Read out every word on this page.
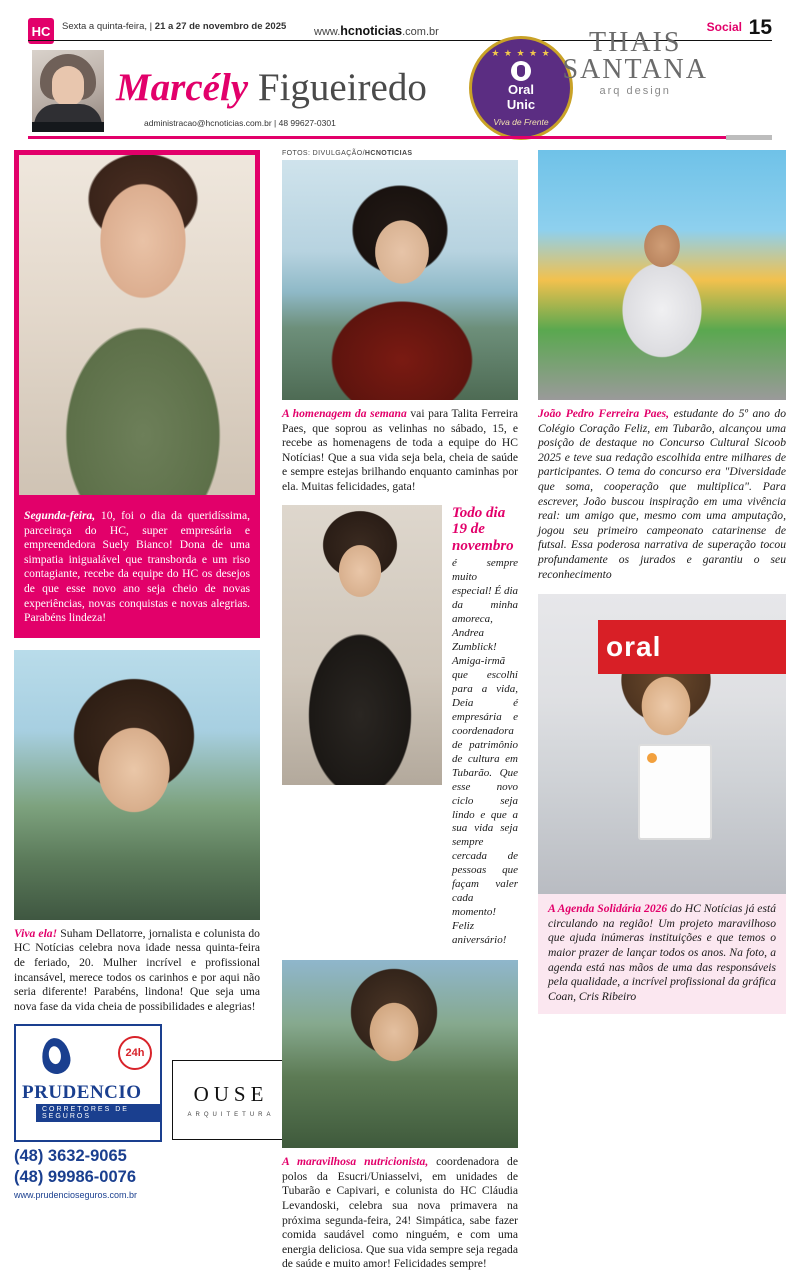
HC	Sexta a quinta-feira, | 21 a 27 de novembro de 2025	www.hcnoticias.com.br	Social 15
Marcély Figueiredo
administracao@hcnoticias.com.br | 48 99627-0301
★ ★ ★ ★ ★
Oral
Unic
Viva de Frente
THAIS
SANTANA
arq design
Segunda-feira, 10, foi o dia da queridíssima, parceiraça do HC, super empresária e empreendedora Suely Bianco! Dona de uma simpatia inigualável que transborda e um riso contagiante, recebe da equipe do HC os desejos de que esse novo ano seja cheio de novas experiências, novas conquistas e novas alegrias. Parabéns lindeza!
Viva ela! Suham Dellatorre, jornalista e colunista do HC Notícias celebra nova idade nessa quinta-feira de feriado, 20. Mulher incrível e profissional incansável, merece todos os carinhos e por aqui não seria diferente! Parabéns, lindona! Que seja uma nova fase da vida cheia de possibilidades e alegrias!
24h
PRUDENCIO
CORRETORES DE SEGUROS
(48) 3632-9065
(48) 99986-0076
www.prudencioseguros.com.br
OUSE
ARQUITETURA
FOTOS: DIVULGAÇÃO/HCNOTICIAS
A homenagem da semana vai para Talita Ferreira Paes, que soprou as velinhas no sábado, 15, e recebe as homenagens de toda a equipe do HC Notícias! Que a sua vida seja bela, cheia de saúde e sempre estejas brilhando enquanto caminhas por ela. Muitas felicidades, gata!
Todo dia 19 de novembro
é sempre muito especial! É dia da minha amoreca, Andrea Zumblick! Amiga-irmã que escolhi para a vida, Deia é empresária e coordenadora de patrimônio de cultura em Tubarão. Que esse novo ciclo seja lindo e que a sua vida seja sempre cercada de pessoas que façam valer cada momento! Feliz aniversário!
A maravilhosa nutricionista, coordenadora de polos da Esucri/Uniasselvi, em unidades de Tubarão e Capivari, e colunista do HC Cláudia Levandoski, celebra sua nova primavera na próxima segunda-feira, 24! Simpática, sabe fazer comida saudável como ninguém, e com uma energia deliciosa. Que sua vida sempre seja regada de saúde e muito amor! Felicidades sempre!
João Pedro Ferreira Paes, estudante do 5º ano do Colégio Coração Feliz, em Tubarão, alcançou uma posição de destaque no Concurso Cultural Sicoob 2025 e teve sua redação escolhida entre milhares de participantes. O tema do concurso era "Diversidade que soma, cooperação que multiplica". Para escrever, João buscou inspiração em uma vivência real: um amigo que, mesmo com uma amputação, jogou seu primeiro campeonato catarinense de futsal. Essa poderosa narrativa de superação tocou profundamente os jurados e garantiu o seu reconhecimento
oral
A Agenda Solidária 2026 do HC Notícias já está circulando na região! Um projeto maravilhoso que ajuda inúmeras instituições e que temos o maior prazer de lançar todos os anos. Na foto, a agenda está nas mãos de uma das responsáveis pela qualidade, a incrível profissional da gráfica Coan, Cris Ribeiro
